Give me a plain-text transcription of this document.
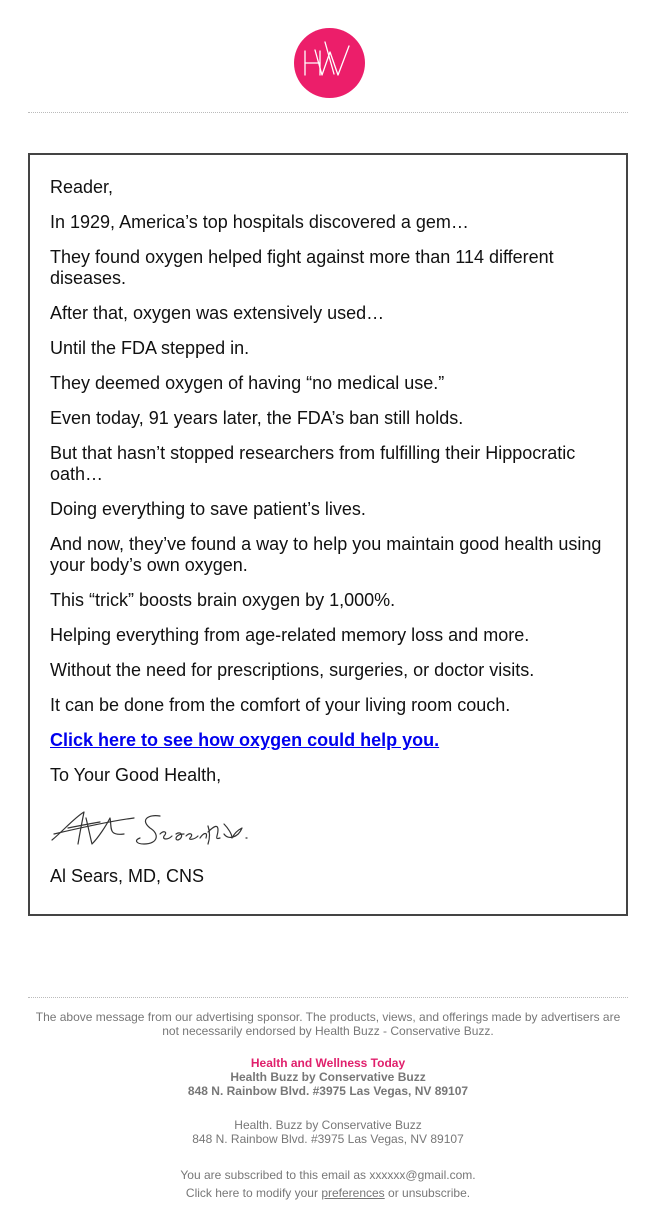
Reader,

In 1929, America’s top hospitals discovered a gem…

They found oxygen helped fight against more than 114 different diseases.

After that, oxygen was extensively used…

Until the FDA stepped in.

They deemed oxygen of having “no medical use.”

Even today, 91 years later, the FDA’s ban still holds.

But that hasn’t stopped researchers from fulfilling their Hippocratic oath…

Doing everything to save patient’s lives.

And now, they’ve found a way to help you maintain good health using your body’s own oxygen.

This “trick” boosts brain oxygen by 1,000%.

Helping everything from age-related memory loss and more.

Without the need for prescriptions, surgeries, or doctor visits.

It can be done from the comfort of your living room couch.

Click here to see how oxygen could help you.

To Your Good Health,

Al Sears, MD, CNS

The above message from our advertising sponsor. The products, views, and offerings made by advertisers are not necessarily endorsed by Health Buzz - Conservative Buzz.

Health and Wellness Today

Health Buzz by Conservative Buzz

848 N. Rainbow Blvd. #3975 Las Vegas, NV 89107

Health. Buzz by Conservative Buzz

848 N. Rainbow Blvd. #3975 Las Vegas, NV 89107

You are subscribed to this email as xxxxxx@gmail.com.

Click here to modify your preferences or unsubscribe.
